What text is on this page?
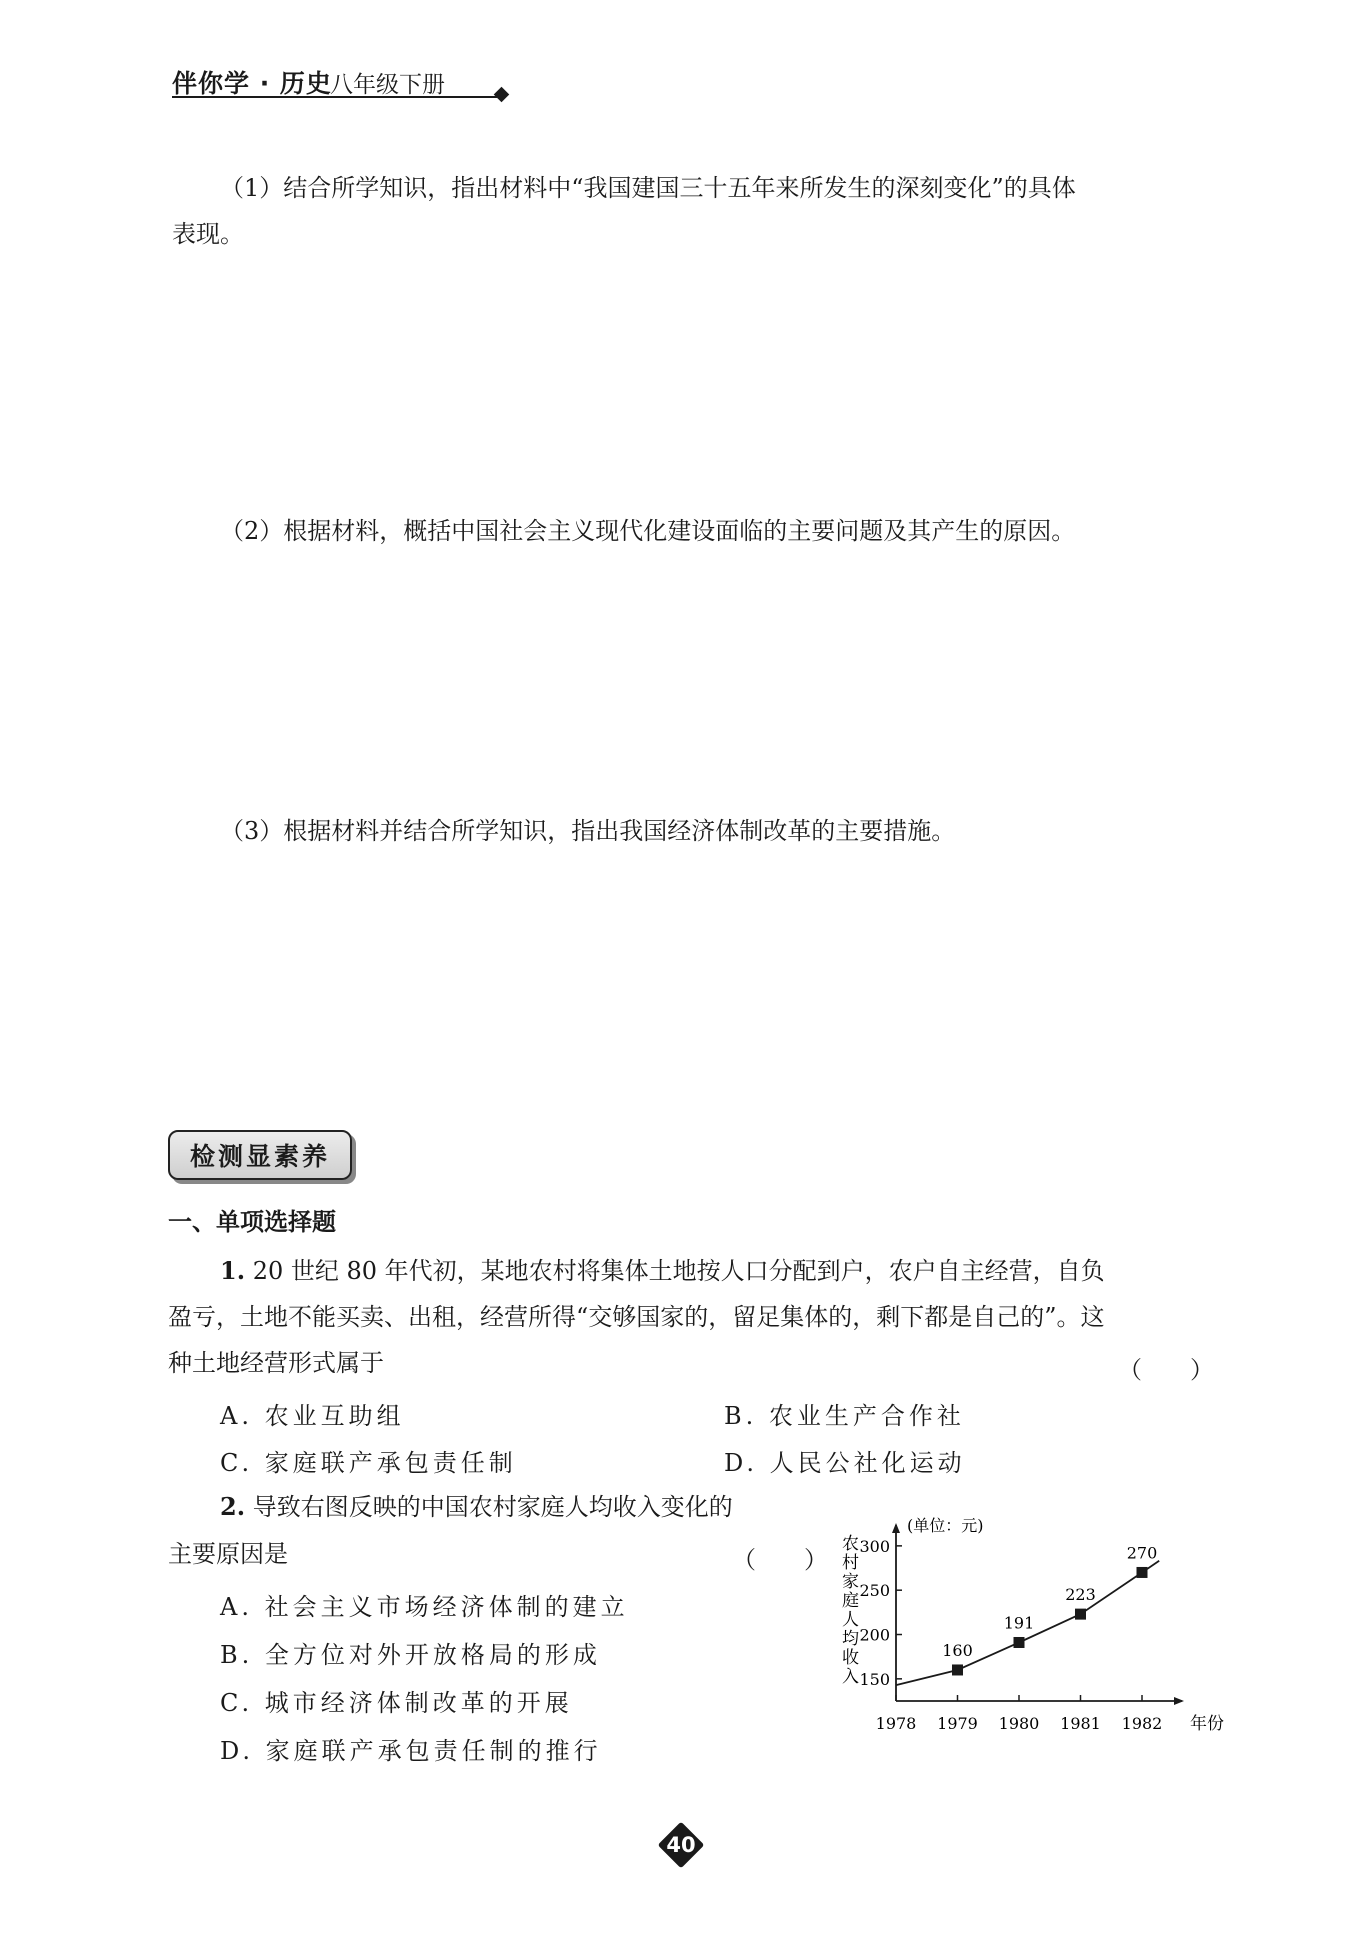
伴你学 · 历史
八年级下册
（1）结合所学知识，指出材料中“我国建国三十五年来所发生的深刻变化”的具体
表现。
（2）根据材料，概括中国社会主义现代化建设面临的主要问题及其产生的原因。
（3）根据材料并结合所学知识，指出我国经济体制改革的主要措施。
检测显素养
一、单项选择题
1. 20 世纪 80 年代初，某地农村将集体土地按人口分配到户，农户自主经营，自负
盈亏，土地不能买卖、出租，经营所得“交够国家的，留足集体的，剩下都是自己的”。这
种土地经营形式属于	（　　）
A. 农业互助组	B. 农业生产合作社
C. 家庭联产承包责任制	D. 人民公社化运动
2. 导致右图反映的中国农村家庭人均收入变化的
主要原因是	（　　）
A. 社会主义市场经济体制的建立
B. 全方位对外开放格局的形成
C. 城市经济体制改革的开展
D. 家庭联产承包责任制的推行
(单位：元)
农村家庭人均收入
年份
150
200
250
300
1978 1979 1980 1981 1982
160
191
223
270
40
